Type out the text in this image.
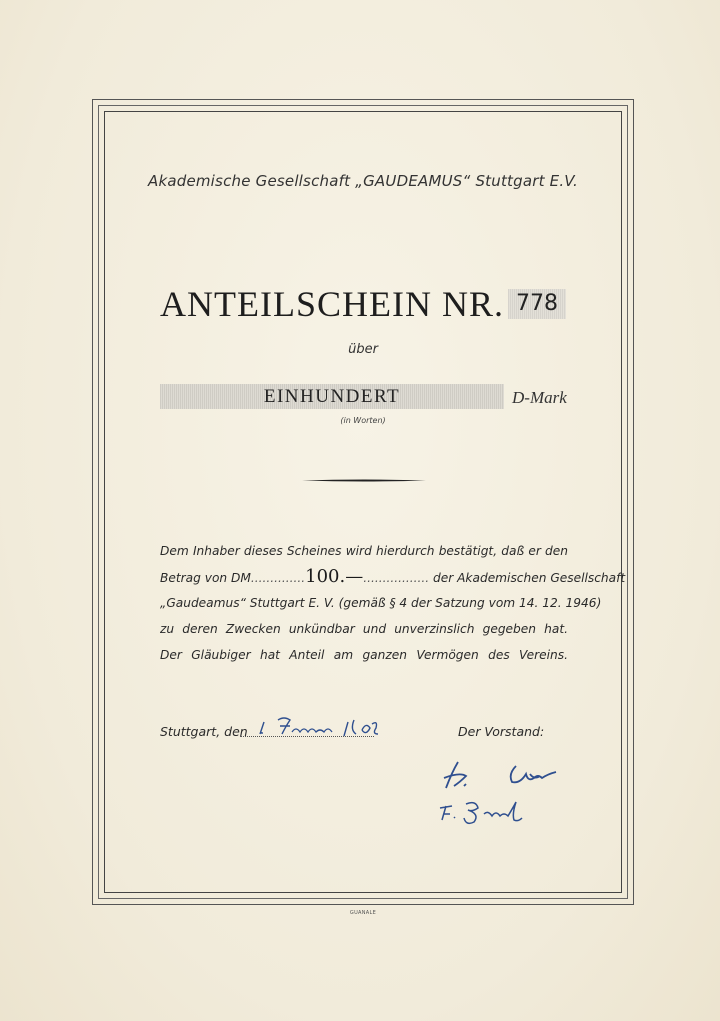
Akademische Gesellschaft „GAUDEAMUS“ Stuttgart E.V.
ANTEILSCHEIN NR. 778
über
EINHUNDERT	D-Mark
(in Worten)
Dem Inhaber dieses Scheines wird hierdurch bestätigt, daß er den
Betrag von DM..............100.—................. der Akademischen Gesellschaft
„Gaudeamus“ Stuttgart E. V. (gemäß § 4 der Satzung vom 14. 12. 1946)
zu deren Zwecken unkündbar und unverzinslich gegeben hat.
Der Gläubiger hat Anteil am ganzen Vermögen des Vereins.
Stuttgart, den	Der Vorstand:
GUANALE
